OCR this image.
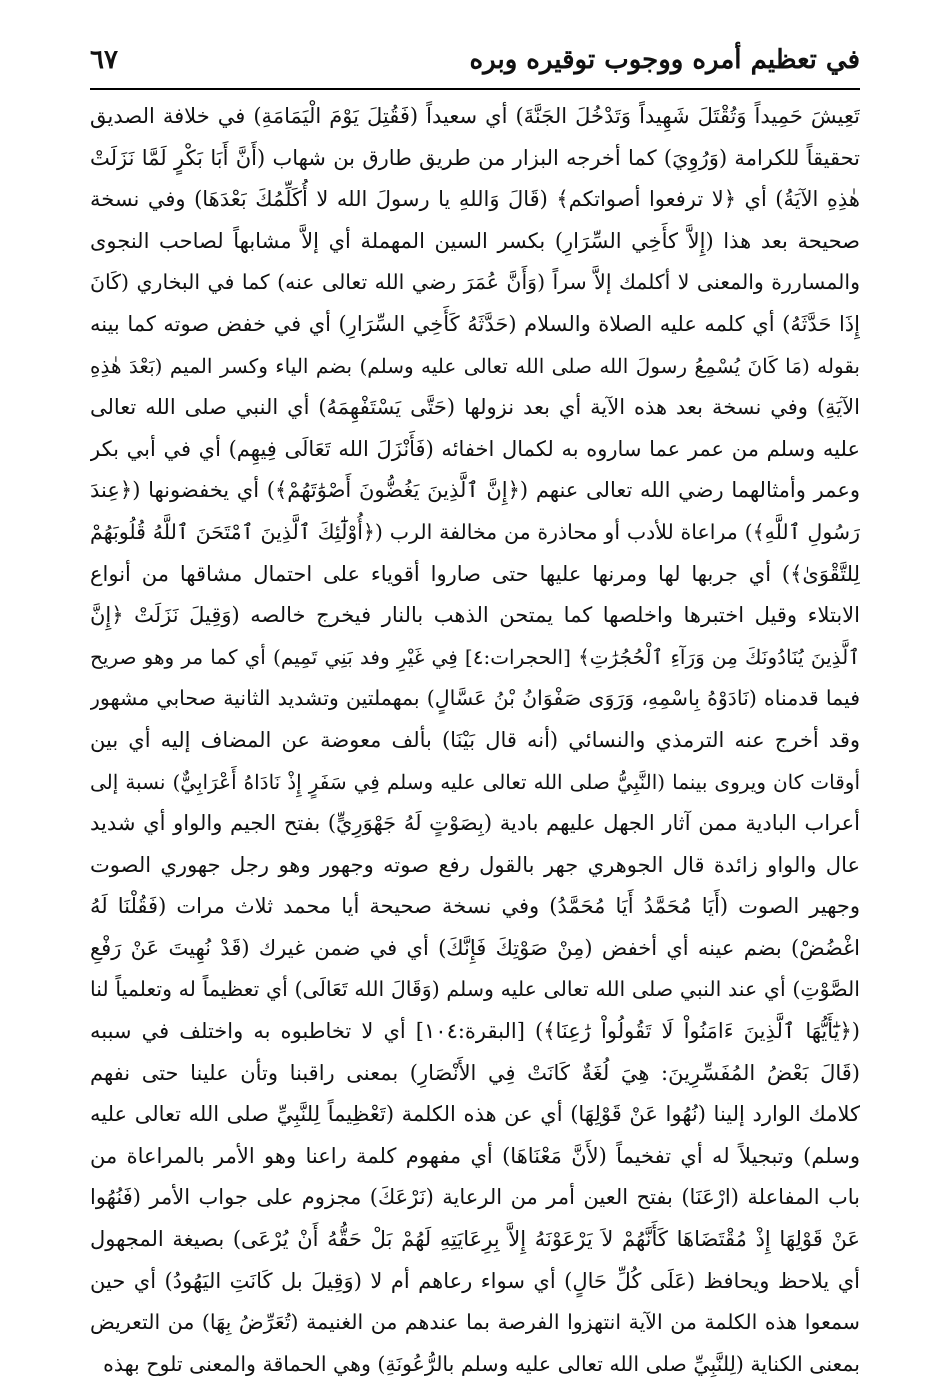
في تعظيم أمره ووجوب توقيره وبره
٦٧
تَعِيشَ حَمِيداً وَتُقْتَلَ شَهِيداً وَتَدْخُلَ الجَنَّةَ) أي سعيداً (فَقُتِلَ يَوْمَ الْيَمَامَةِ) في خلافة الصديق
تحقيقاً للكرامة (وَرُوِيَ) كما أخرجه البزار من طريق طارق بن شهاب (أَنَّ أَبَا بَكْرٍ لَمَّا نَزَلَتْ
هٰذِهِ الآيَةُ) أي ﴿لا ترفعوا أصواتكم﴾ (قَالَ وَاللهِ يا رسولَ الله لا أُكَلِّمُكَ بَعْدَهَا) وفي نسخة
صحيحة بعد هذا (إِلاَّ كأَخِي السِّرَارِ) بكسر السين المهملة أي إلاَّ مشابهاً لصاحب النجوى
والمساررة والمعنى لا أكلمك إلاَّ سراً (وَأَنَّ عُمَرَ رضي الله تعالى عنه) كما في البخاري (كَانَ
إِذَا حَدَّثَهُ) أي كلمه عليه الصلاة والسلام (حَدَّثَهُ كَأَخِي السِّرَارِ) أي في خفض صوته كما بينه
بقوله (مَا كَانَ يُسْمِعُ رسولَ الله صلى الله تعالى عليه وسلم) بضم الياء وكسر الميم (بَعْدَ هٰذِهِ
الآيَةِ) وفي نسخة بعد هذه الآية أي بعد نزولها (حَتَّى يَسْتَفْهِمَهُ) أي النبي صلى الله تعالى
عليه وسلم من عمر عما ساروه به لكمال اخفائه (فَأَنْزَلَ الله تَعَالَى فِيهِم) أي في أبي بكر
وعمر وأمثالهما رضي الله تعالى عنهم (﴿إِنَّ ٱلَّذِينَ يَغُضُّونَ أَصْوَٰتَهُمْ﴾) أي يخفضونها (﴿عِندَ
رَسُولِ ٱللَّهِ﴾) مراعاة للأدب أو محاذرة من مخالفة الرب (﴿أُوْلَٰٓئِكَ ٱلَّذِينَ ٱمْتَحَنَ ٱللَّهُ قُلُوبَهُمْ
لِلتَّقْوَىٰ﴾) أي جربها لها ومرنها عليها حتى صاروا أقوياء على احتمال مشاقها من أنواع
الابتلاء وقيل اختبرها واخلصها كما يمتحن الذهب بالنار فيخرج خالصه (وَقِيلَ نَزَلَتْ ﴿إِنَّ
ٱلَّذِينَ يُنَادُونَكَ مِن وَرَآءِ ٱلْحُجُرَٰتِ﴾ [الحجرات:٤] فِي غَيْرِ وفد بَنِي تَمِيم) أي كما مر وهو صريح
فيما قدمناه (نَادَوْهُ بِاسْمِهِ، وَرَوَى صَفْوَانُ بْنُ عَسَّالٍ) بمهملتين وتشديد الثانية صحابي مشهور
وقد أخرج عنه الترمذي والنسائي (أنه قال بَيْنَا) بألف معوضة عن المضاف إليه أي بين
أوقات كان ويروى بينما (النَّبِيُّ صلى الله تعالى عليه وسلم فِي سَفَرٍ إِذْ نَادَاهُ أَعْرَابِيٌّ) نسبة إلى
أعراب البادية ممن آثار الجهل عليهم بادية (بِصَوْتٍ لَهُ جَهْوَرِيٍّ) بفتح الجيم والواو أي شديد
عال والواو زائدة قال الجوهري جهر بالقول رفع صوته وجهور وهو رجل جهوري الصوت
وجهير الصوت (أَيَا مُحَمَّدُ أَيَا مُحَمَّدُ) وفي نسخة صحيحة أيا محمد ثلاث مرات (فَقُلْنَا لَهُ
اغْضُضْ) بضم عينه أي أخفض (مِنْ صَوْتِكَ فَإِنَّكَ) أي في ضمن غيرك (قَدْ نُهِيتَ عَنْ رَفْعِ
الصَّوْتِ) أي عند النبي صلى الله تعالى عليه وسلم (وَقَالَ الله تَعَالَى) أي تعظيماً له وتعلمياً لنا
(﴿يَٰٓأَيُّهَا ٱلَّذِينَ ءَامَنُواْ لَا تَقُولُواْ رَٰعِنَا﴾) [البقرة:١٠٤] أي لا تخاطبوه به واختلف في سببه
(قَالَ بَعْضُ المُفَسِّرِينَ: هِيَ لُغَةٌ كَانَتْ فِي الأَنْصَارِ) بمعنى راقبنا وتأن علينا حتى نفهم
كلامك الوارد إلينا (نُهُوا عَنْ قَوْلِهَا) أي عن هذه الكلمة (تَعْظِيماً لِلنَّبِيِّ صلى الله تعالى عليه
وسلم) وتبجيلاً له أي تفخيماً (لأَنَّ مَعْنَاهَا) أي مفهوم كلمة راعنا وهو الأمر بالمراعاة من
باب المفاعلة (ارْعَنَا) بفتح العين أمر من الرعاية (نَرْعَكَ) مجزوم على جواب الأمر (فَنُهُوا
عَنْ قَوْلِهَا إِذْ مُقْتَضَاهَا كَأَنَّهُمْ لاَ يَرْعَوْنَهُ إِلاَّ بِرِعَايَتِهِ لَهُمْ بَلْ حَقُّهُ أَنْ يُرْعَى) بصيغة المجهول
أي يلاحظ ويحافظ (عَلَى كُلِّ حَالٍ) أي سواء رعاهم أم لا (وَقِيلَ بل كَانَتِ اليَهُودُ) أي حين
سمعوا هذه الكلمة من الآية انتهزوا الفرصة بما عندهم من الغنيمة (تُعَرِّضُ بِهَا) من التعريض
بمعنى الكناية (لِلنَّبِيِّ صلى الله تعالى عليه وسلم بالرُّعُونَةِ) وهي الحماقة والمعنى تلوح بهذه
